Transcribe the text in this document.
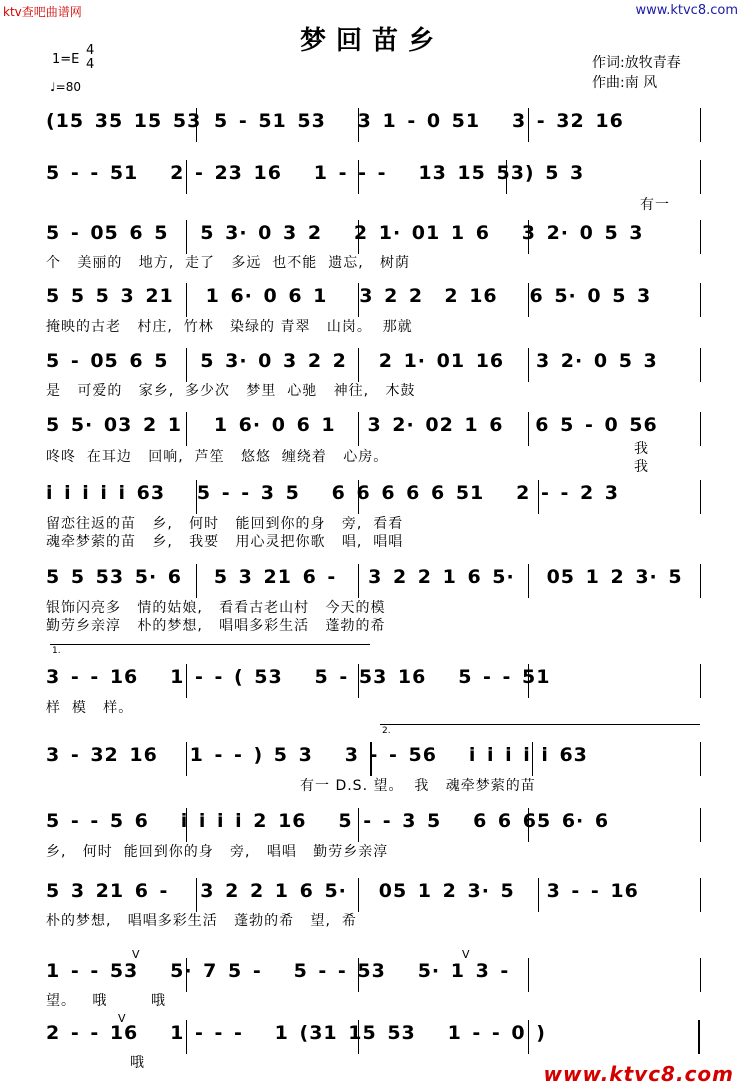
ktv查吧曲谱网	www.ktvc8.com
梦回苗乡
1=E
4
4
♩=80
作词:放牧青春
作曲:南 风
(15 35 15 53 5 - 51 53   3 1 - 0 51   3 - 32 16
5 - - 51   2 - 23 16   1 - - -   13 15 53) 5 3
有一
5 - 05 6 5   5 3· 0 3 2   2 1· 01 1 6   3 2· 0 5 3
个   美丽的   地方,  走了   多远  也不能  遗忘,   树荫
5 5 5 3 21   1 6· 0 6 1   3 2 2  2 16   6 5· 0 5 3
掩映的古老   村庄,  竹林   染绿的 青翠   山岗。  那就
5 - 05 6 5   5 3· 0 3 2 2   2 1· 01 16   3 2· 0 5 3
是   可爱的   家乡,  多少次   梦里  心驰   神往,   木鼓
5 5· 03 2 1   1 6· 0 6 1   3 2· 02 1 6   6 5 - 0 56
咚咚  在耳边   回响,  芦笙   悠悠  缠绕着   心房。	我
我
i i i i i 63   5 - - 3 5   6 6 6 6 6 51   2 - - 2 3
留恋往返的苗   乡,   何时   能回到你的身   旁,  看看
魂牵梦萦的苗   乡,   我要   用心灵把你歌   唱,  唱唱
5 5 53 5· 6   5 3 21 6 -   3 2 2 1 6 5·   05 1 2 3· 5
银饰闪亮多   情的姑娘,   看看古老山村   今天的模
勤劳乡亲淳   朴的梦想,   唱唱多彩生活   蓬勃的希
1.
3 - - 16   1 - - ( 53   5 - 53 16   5 - - 51
样  模   样。
2.
3 - 32 16   1 - - ) 5 3   3 - - 56   i i i i i 63
有一 D.S. 望。  我   魂牵梦萦的苗
5 - - 5 6   i i i i 2 16   5 - - 3 5   6 6 65 6· 6
乡,   何时  能回到你的身   旁,   唱唱   勤劳乡亲淳
5 3 21 6 -   3 2 2 1 6 5·   05 1 2 3· 5   3 - - 16
朴的梦想,   唱唱多彩生活   蓬勃的希   望,  希
1 - - 53   5· 7 5 -   5 - - 53   5· 1 3 -
V	V
望。   哦        哦
2 - - 16   1 - - -   1 (31 15 53   1 - - 0 )
V
哦	www.ktvc8.com
